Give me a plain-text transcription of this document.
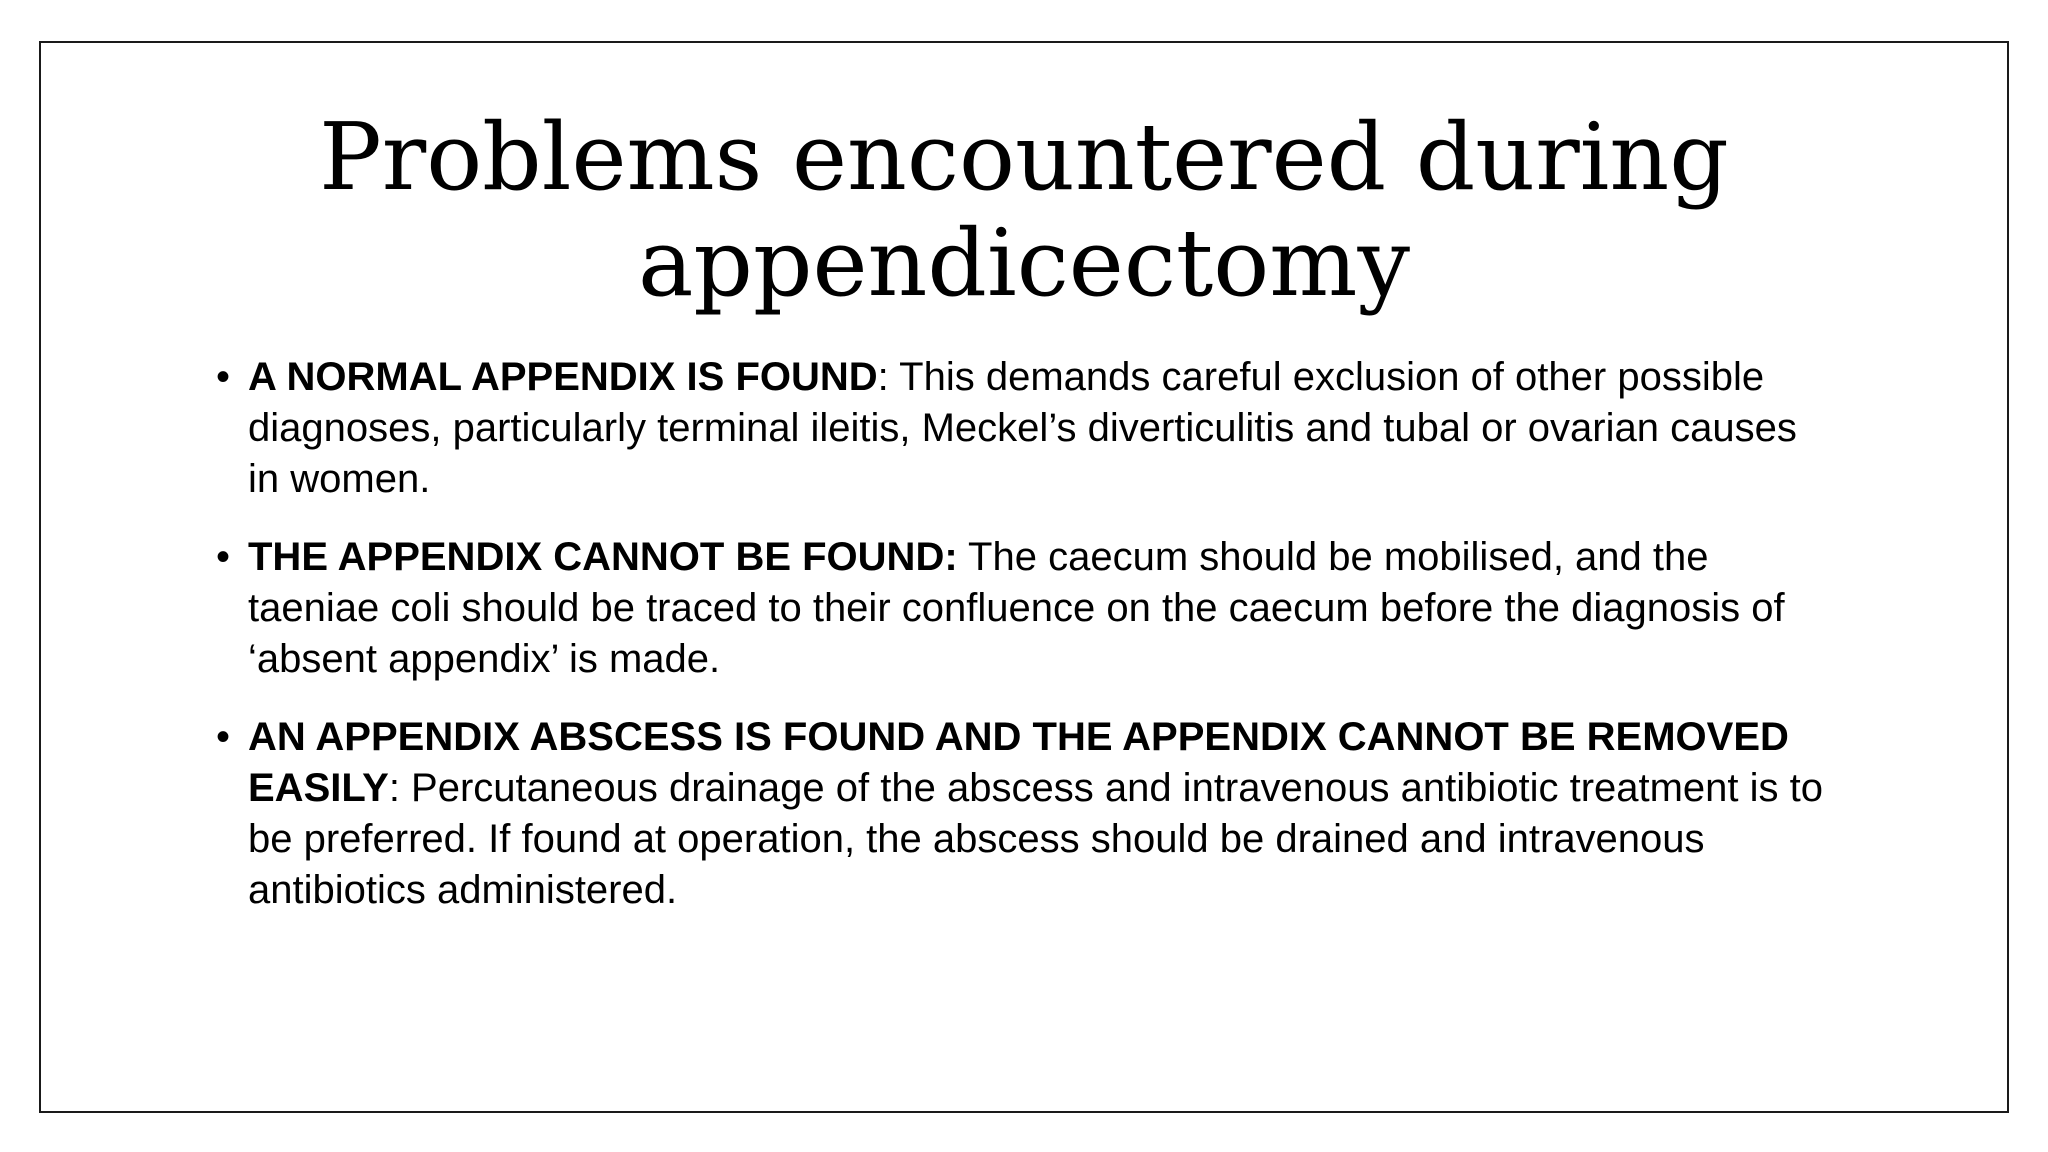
Problems encountered during appendicectomy
• A NORMAL APPENDIX IS FOUND: This demands careful exclusion of other possible diagnoses, particularly terminal ileitis, Meckel’s diverticulitis and tubal or ovarian causes in women.
• THE APPENDIX CANNOT BE FOUND: The caecum should be mobilised, and the taeniae coli should be traced to their confluence on the caecum before the diagnosis of ‘absent appendix’ is made.
• AN APPENDIX ABSCESS IS FOUND AND THE APPENDIX CANNOT BE REMOVED EASILY: Percutaneous drainage of the abscess and intravenous antibiotic treatment is to be preferred. If found at operation, the abscess should be drained and intravenous antibiotics administered.
